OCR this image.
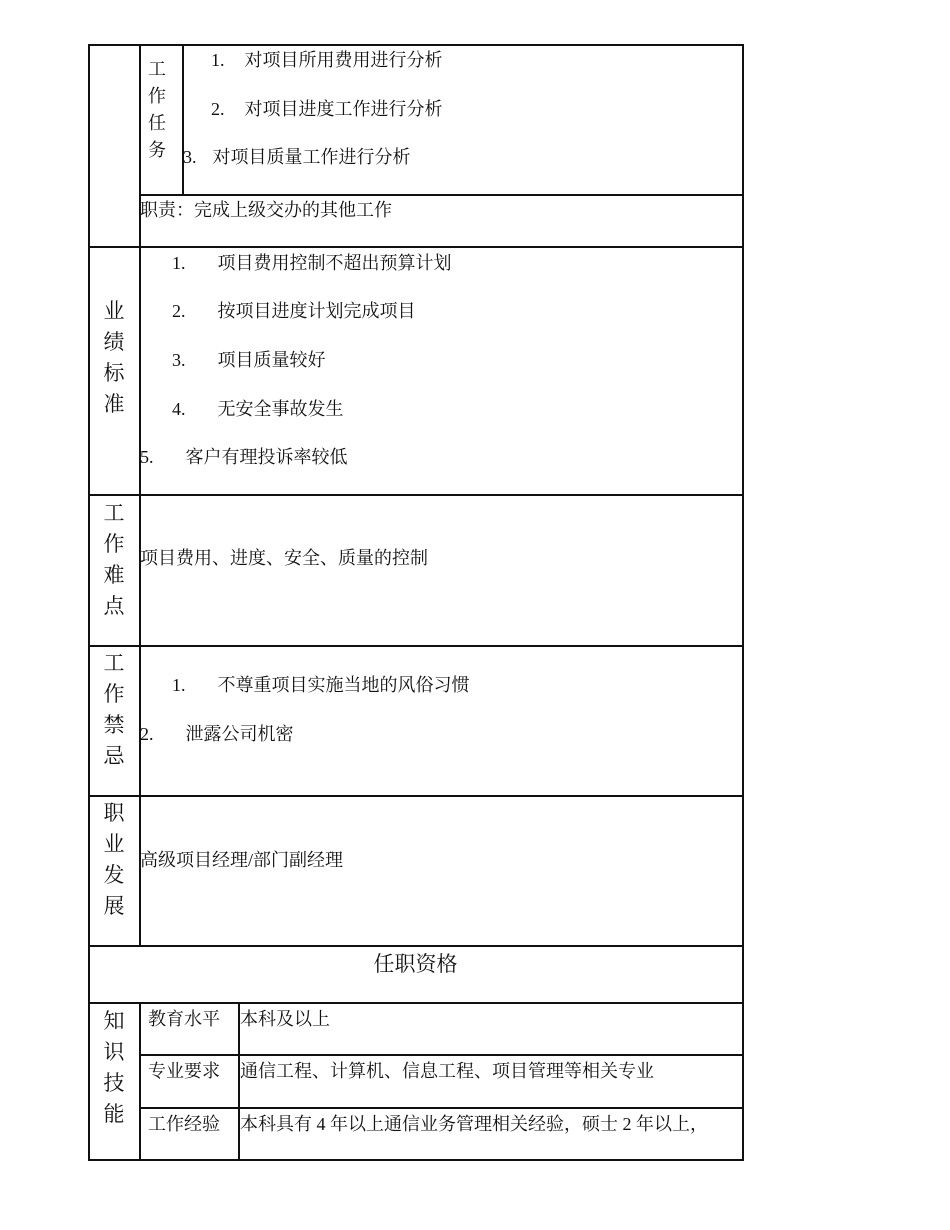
工
作
任
务
1. 对项目所用费用进行分析
2. 对项目进度工作进行分析
3. 对项目质量工作进行分析
职责：完成上级交办的其他工作
业
绩
标
准
1. 项目费用控制不超出预算计划
2. 按项目进度计划完成项目
3. 项目质量较好
4. 无安全事故发生
5. 客户有理投诉率较低
工
作
难
点
项目费用、进度、安全、质量的控制
工
作
禁
忌
1. 不尊重项目实施当地的风俗习惯
2. 泄露公司机密
职
业
发
展
高级项目经理/部门副经理
任职资格
知
识
技
能
教育水平 本科及以上
专业要求 通信工程、计算机、信息工程、项目管理等相关专业
工作经验 本科具有 4 年以上通信业务管理相关经验，硕士 2 年以上，
